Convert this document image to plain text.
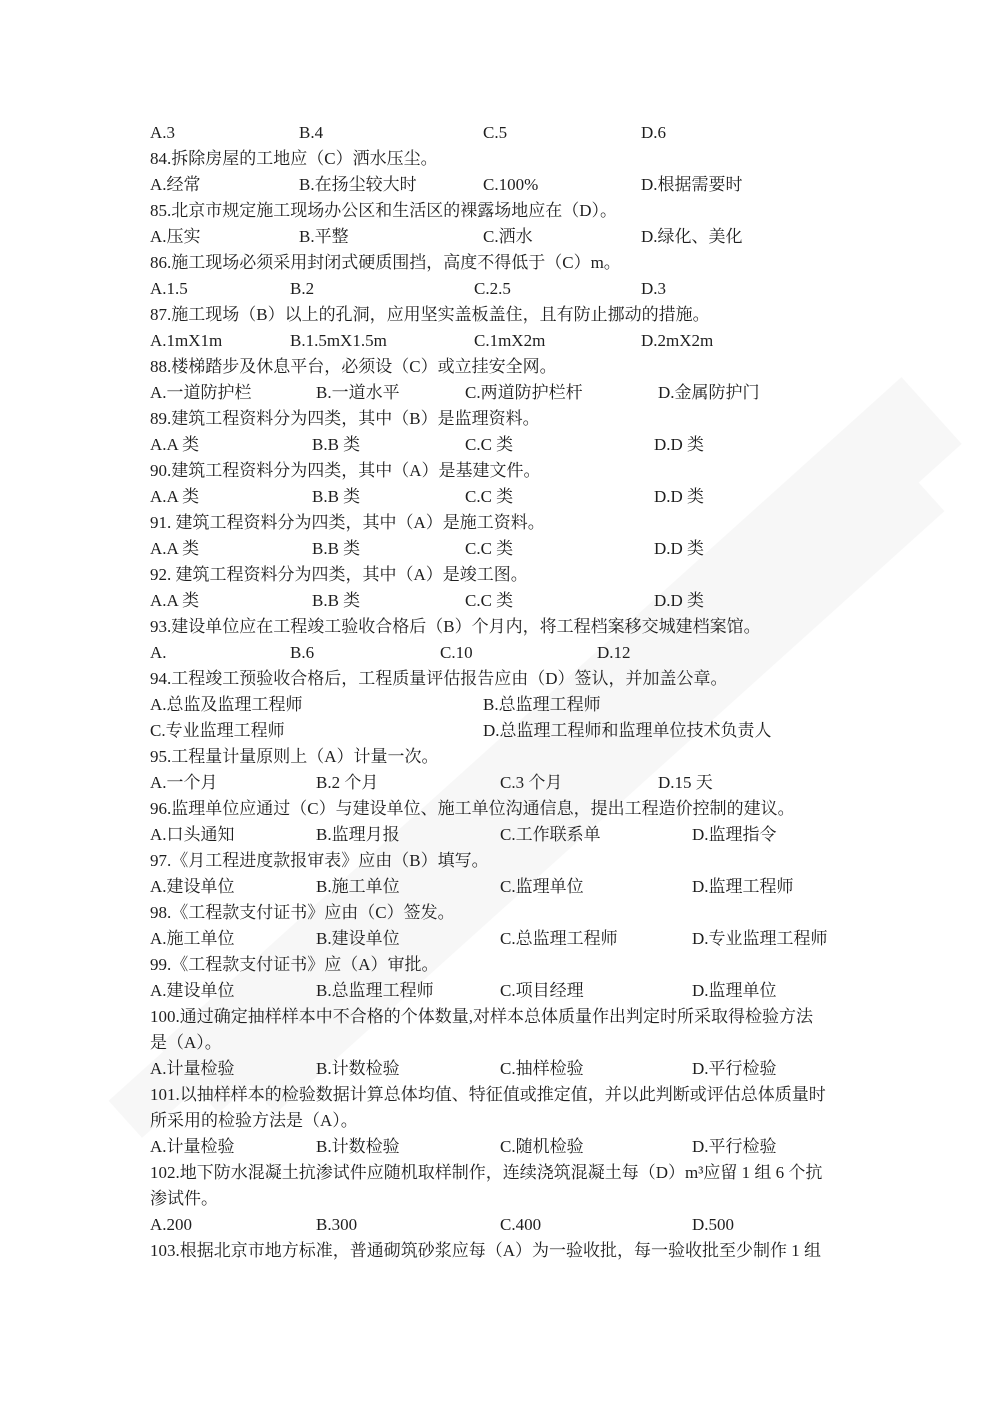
A.3	B.4	C.5	D.6
84.拆除房屋的工地应（C）洒水压尘。
A.经常	B.在扬尘较大时	C.100%	D.根据需要时
85.北京市规定施工现场办公区和生活区的裸露场地应在（D）。
A.压实	B.平整	C.洒水	D.绿化、美化
86.施工现场必须采用封闭式硬质围挡，高度不得低于（C）m。
A.1.5	B.2	C.2.5	D.3
87.施工现场（B）以上的孔洞，应用坚实盖板盖住，且有防止挪动的措施。
A.1mX1m	B.1.5mX1.5m	C.1mX2m	D.2mX2m
88.楼梯踏步及休息平台，必须设（C）或立挂安全网。
A.一道防护栏	B.一道水平	C.两道防护栏杆	D.金属防护门
89.建筑工程资料分为四类，其中（B）是监理资料。
A.A 类	B.B 类	C.C 类	D.D 类
90.建筑工程资料分为四类，其中（A）是基建文件。
A.A 类	B.B 类	C.C 类	D.D 类
91. 建筑工程资料分为四类，其中（A）是施工资料。
A.A 类	B.B 类	C.C 类	D.D 类
92. 建筑工程资料分为四类，其中（A）是竣工图。
A.A 类	B.B 类	C.C 类	D.D 类
93.建设单位应在工程竣工验收合格后（B）个月内，将工程档案移交城建档案馆。
A.	B.6	C.10	D.12
94.工程竣工预验收合格后，工程质量评估报告应由（D）签认，并加盖公章。
A.总监及监理工程师	B.总监理工程师
C.专业监理工程师	D.总监理工程师和监理单位技术负责人
95.工程量计量原则上（A）计量一次。
A.一个月	B.2 个月	C.3 个月	D.15 天
96.监理单位应通过（C）与建设单位、施工单位沟通信息，提出工程造价控制的建议。
A.口头通知	B.监理月报	C.工作联系单	D.监理指令
97.《月工程进度款报审表》应由（B）填写。
A.建设单位	B.施工单位	C.监理单位	D.监理工程师
98.《工程款支付证书》应由（C）签发。
A.施工单位	B.建设单位	C.总监理工程师	D.专业监理工程师
99.《工程款支付证书》应（A）审批。
A.建设单位	B.总监理工程师	C.项目经理	D.监理单位
100.通过确定抽样样本中不合格的个体数量,对样本总体质量作出判定时所采取得检验方法
是（A）。
A.计量检验	B.计数检验	C.抽样检验	D.平行检验
101.以抽样样本的检验数据计算总体均值、特征值或推定值，并以此判断或评估总体质量时
所采用的检验方法是（A）。
A.计量检验	B.计数检验	C.随机检验	D.平行检验
102.地下防水混凝土抗渗试件应随机取样制作，连续浇筑混凝土每（D）m³应留 1 组 6 个抗
渗试件。
A.200	B.300	C.400	D.500
103.根据北京市地方标准，普通砌筑砂浆应每（A）为一验收批，每一验收批至少制作 1 组
